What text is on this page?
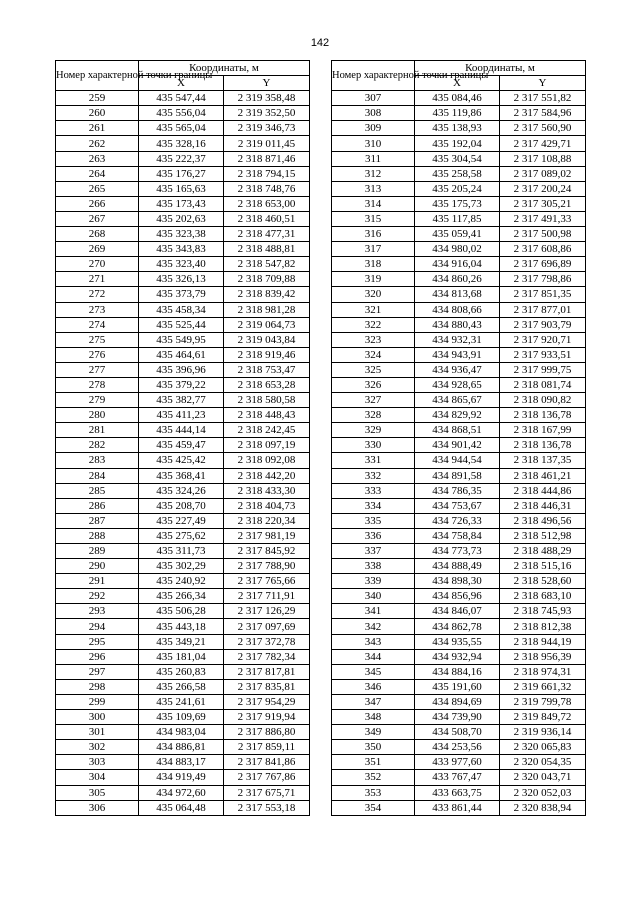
142
Номер характерной точки границы	Координаты, м	
	X	Y
259	435 547,44	2 319 358,48
260	435 556,04	2 319 352,50
261	435 565,04	2 319 346,73
262	435 328,16	2 319 011,45
263	435 222,37	2 318 871,46
264	435 176,27	2 318 794,15
265	435 165,63	2 318 748,76
266	435 173,43	2 318 653,00
267	435 202,63	2 318 460,51
268	435 323,38	2 318 477,31
269	435 343,83	2 318 488,81
270	435 323,40	2 318 547,82
271	435 326,13	2 318 709,88
272	435 373,79	2 318 839,42
273	435 458,34	2 318 981,28
274	435 525,44	2 319 064,73
275	435 549,95	2 319 043,84
276	435 464,61	2 318 919,46
277	435 396,96	2 318 753,47
278	435 379,22	2 318 653,28
279	435 382,77	2 318 580,58
280	435 411,23	2 318 448,43
281	435 444,14	2 318 242,45
282	435 459,47	2 318 097,19
283	435 425,42	2 318 092,08
284	435 368,41	2 318 442,20
285	435 324,26	2 318 433,30
286	435 208,70	2 318 404,73
287	435 227,49	2 318 220,34
288	435 275,62	2 317 981,19
289	435 311,73	2 317 845,92
290	435 302,29	2 317 788,90
291	435 240,92	2 317 765,66
292	435 266,34	2 317 711,91
293	435 506,28	2 317 126,29
294	435 443,18	2 317 097,69
295	435 349,21	2 317 372,78
296	435 181,04	2 317 782,34
297	435 260,83	2 317 817,81
298	435 266,58	2 317 835,81
299	435 241,61	2 317 954,29
300	435 109,69	2 317 919,94
301	434 983,04	2 317 886,80
302	434 886,81	2 317 859,11
303	434 883,17	2 317 841,86
304	434 919,49	2 317 767,86
305	434 972,60	2 317 675,71
306	435 064,48	2 317 553,18
Номер характерной точки границы	Координаты, м	
	X	Y
307	435 084,46	2 317 551,82
308	435 119,86	2 317 584,96
309	435 138,93	2 317 560,90
310	435 192,04	2 317 429,71
311	435 304,54	2 317 108,88
312	435 258,58	2 317 089,02
313	435 205,24	2 317 200,24
314	435 175,73	2 317 305,21
315	435 117,85	2 317 491,33
316	435 059,41	2 317 500,98
317	434 980,02	2 317 608,86
318	434 916,04	2 317 696,89
319	434 860,26	2 317 798,86
320	434 813,68	2 317 851,35
321	434 808,66	2 317 877,01
322	434 880,43	2 317 903,79
323	434 932,31	2 317 920,71
324	434 943,91	2 317 933,51
325	434 936,47	2 317 999,75
326	434 928,65	2 318 081,74
327	434 865,67	2 318 090,82
328	434 829,92	2 318 136,78
329	434 868,51	2 318 167,99
330	434 901,42	2 318 136,78
331	434 944,54	2 318 137,35
332	434 891,58	2 318 461,21
333	434 786,35	2 318 444,86
334	434 753,67	2 318 446,31
335	434 726,33	2 318 496,56
336	434 758,84	2 318 512,98
337	434 773,73	2 318 488,29
338	434 888,49	2 318 515,16
339	434 898,30	2 318 528,60
340	434 856,96	2 318 683,10
341	434 846,07	2 318 745,93
342	434 862,78	2 318 812,38
343	434 935,55	2 318 944,19
344	434 932,94	2 318 956,39
345	434 884,16	2 318 974,31
346	435 191,60	2 319 661,32
347	434 894,69	2 319 799,78
348	434 739,90	2 319 849,72
349	434 508,70	2 319 936,14
350	434 253,56	2 320 065,83
351	433 977,60	2 320 054,35
352	433 767,47	2 320 043,71
353	433 663,75	2 320 052,03
354	433 861,44	2 320 838,94
